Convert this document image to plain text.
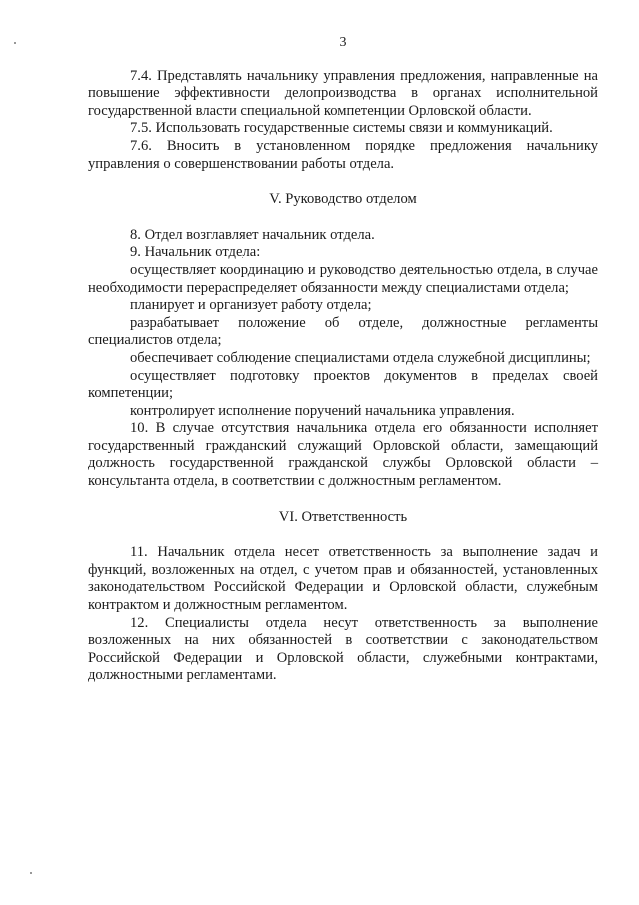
3

7.4. Представлять начальнику управления предложения, направленные на повышение эффективности делопроизводства в органах исполнительной государственной власти специальной компетенции Орловской области.

7.5. Использовать государственные системы связи и коммуникаций.

7.6. Вносить в установленном порядке предложения начальнику управления о совершенствовании работы отдела.

V. Руководство отделом

8. Отдел возглавляет начальник отдела.

9. Начальник отдела:

осуществляет координацию и руководство деятельностью отдела, в случае необходимости перераспределяет обязанности между специалистами отдела;

планирует и организует работу отдела;

разрабатывает положение об отделе, должностные регламенты специалистов отдела;

обеспечивает соблюдение специалистами отдела служебной дисциплины;

осуществляет подготовку проектов документов в пределах своей компетенции;

контролирует исполнение поручений начальника управления.

10. В случае отсутствия начальника отдела его обязанности исполняет государственный гражданский служащий Орловской области, замещающий должность государственной гражданской службы Орловской области – консультанта отдела, в соответствии с должностным регламентом.

VI. Ответственность

11. Начальник отдела несет ответственность за выполнение задач и функций, возложенных на отдел, с учетом прав и обязанностей, установленных законодательством Российской Федерации и Орловской области, служебным контрактом и должностным регламентом.

12. Специалисты отдела несут ответственность за выполнение возложенных на них обязанностей в соответствии с законодательством Российской Федерации и Орловской области, служебными контрактами, должностными регламентами.
